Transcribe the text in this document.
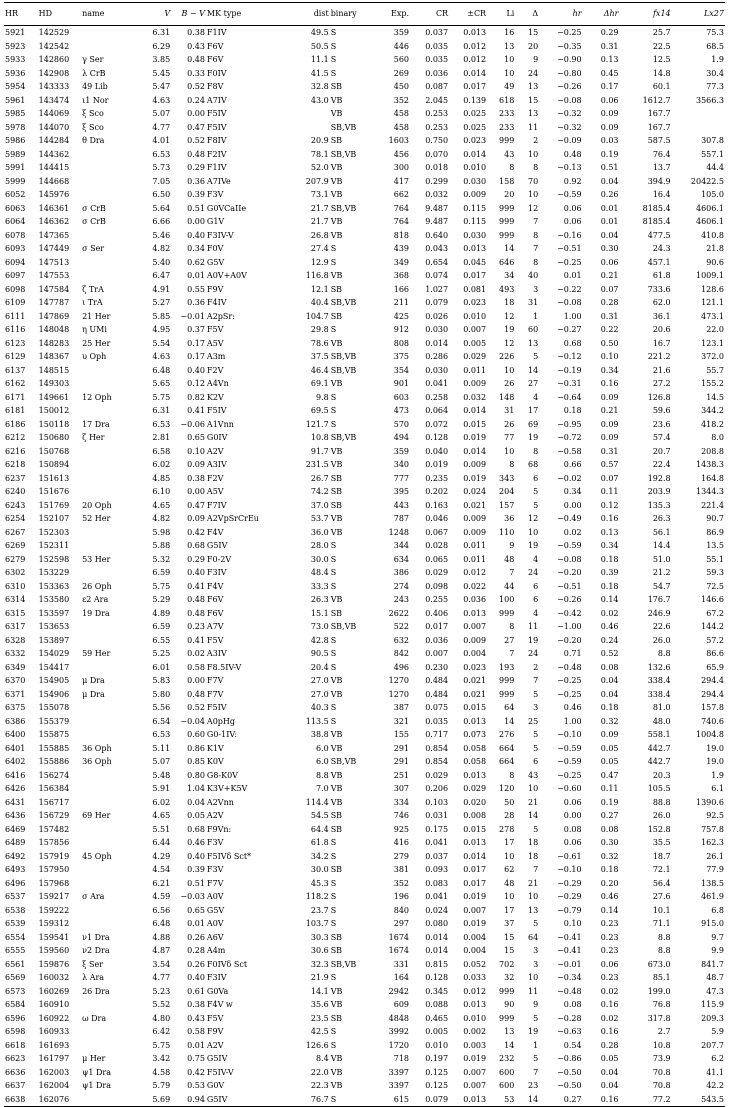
HR	HD	name	V	B − V	MK type	dist	binary	Exp.	CR	±CR	Li	Δ	hr	Δhr	fx14	Lx27
5921	142529		6.31	0.38	F1IV	49.5	S	359	0.037	0.013	16	15	−0.25	0.29	25.7	75.3
5923	142542		6.29	0.43	F6V	50.5	S	446	0.035	0.012	13	20	−0.35	0.31	22.5	68.5
5933	142860	γ Ser	3.85	0.48	F6V	11.1	S	560	0.035	0.012	10	9	−0.90	0.13	12.5	1.9
5936	142908	λ CrB	5.45	0.33	F0IV	41.5	S	269	0.036	0.014	10	24	−0.80	0.45	14.8	30.4
5954	143333	49 Lib	5.47	0.52	F8V	32.8	SB	450	0.087	0.017	49	13	−0.26	0.17	60.1	77.3
5961	143474	ι1 Nor	4.63	0.24	A7IV	43.0	VB	352	2.045	0.139	618	15	−0.08	0.06	1612.7	3566.3
5985	144069	ξ Sco	5.07	0.00	F5IV		VB	458	0.253	0.025	233	13	−0.32	0.09	167.7	
5978	144070	ξ Sco	4.77	0.47	F5IV		SB,VB	458	0.253	0.025	233	11	−0.32	0.09	167.7	
5986	144284	θ Dra	4.01	0.52	F8IV	20.9	SB	1603	0.750	0.023	999	2	−0.09	0.03	587.5	307.8
5989	144362		6.53	0.48	F2IV	78.1	SB,VB	456	0.070	0.014	43	10	0.48	0.19	76.4	557.1
5991	144415		5.73	0.29	F1IV	52.0	VB	300	0.018	0.010	8	8	−0.13	0.51	13.7	44.4
5999	144668		7.05	0.36	A7IVe	207.9	VB	417	0.299	0.030	158	70	0.92	0.04	394.9	20422.5
6052	145976		6.50	0.39	F3V	73.1	VB	662	0.032	0.009	20	10	−0.59	0.26	16.4	105.0
6063	146361	σ CrB	5.64	0.51	G0VCaIIe	21.7	SB,VB	764	9.487	0.115	999	12	0.06	0.01	8185.4	4606.1
6064	146362	σ CrB	6.66	0.00	G1V	21.7	VB	764	9.487	0.115	999	7	0.06	0.01	8185.4	4606.1
6078	147365		5.46	0.40	F3IV-V	26.8	VB	818	0.640	0.030	999	8	−0.16	0.04	477.5	410.8
6093	147449	σ Ser	4.82	0.34	F0V	27.4	S	439	0.043	0.013	14	7	−0.51	0.30	24.3	21.8
6094	147513		5.40	0.62	G5V	12.9	S	349	0.654	0.045	646	8	−0.25	0.06	457.1	90.6
6097	147553		6.47	0.01	A0V+A0V	116.8	VB	368	0.074	0.017	34	40	0.01	0.21	61.8	1009.1
6098	147584	ζ TrA	4.91	0.55	F9V	12.1	SB	166	1.027	0.081	493	3	−0.22	0.07	733.6	128.6
6109	147787	ι TrA	5.27	0.36	F4IV	40.4	SB,VB	211	0.079	0.023	18	31	−0.08	0.28	62.0	121.1
6111	147869	21 Her	5.85	−0.01	A2pSr:	104.7	SB	425	0.026	0.010	12	1	1.00	0.31	36.1	473.1
6116	148048	η UMi	4.95	0.37	F5V	29.8	S	912	0.030	0.007	19	60	−0.27	0.22	20.6	22.0
6123	148283	25 Her	5.54	0.17	A5V	78.6	VB	808	0.014	0.005	12	13	0.68	0.50	16.7	123.1
6129	148367	υ Oph	4.63	0.17	A3m	37.5	SB,VB	375	0.286	0.029	226	5	−0.12	0.10	221.2	372.0
6137	148515		6.48	0.40	F2V	46.4	SB,VB	354	0.030	0.011	10	14	−0.19	0.34	21.6	55.7
6162	149303		5.65	0.12	A4Vn	69.1	VB	901	0.041	0.009	26	27	−0.31	0.16	27.2	155.2
6171	149661	12 Oph	5.75	0.82	K2V	9.8	S	603	0.258	0.032	148	4	−0.64	0.09	126.8	14.5
6181	150012		6.31	0.41	F5IV	69.5	S	473	0.064	0.014	31	17	0.18	0.21	59.6	344.2
6186	150118	17 Dra	6.53	−0.06	A1Vnn	121.7	S	570	0.072	0.015	26	69	−0.95	0.09	23.6	418.2
6212	150680	ζ Her	2.81	0.65	G0IV	10.8	SB,VB	494	0.128	0.019	77	19	−0.72	0.09	57.4	8.0
6216	150768		6.58	0.10	A2V	91.7	VB	359	0.040	0.014	10	8	−0.58	0.31	20.7	208.8
6218	150894		6.02	0.09	A3IV	231.5	VB	340	0.019	0.009	8	68	0.66	0.57	22.4	1438.3
6237	151613		4.85	0.38	F2V	26.7	SB	777	0.235	0.019	343	6	−0.02	0.07	192.8	164.8
6240	151676		6.10	0.00	A5V	74.2	SB	395	0.202	0.024	204	5	0.34	0.11	203.9	1344.3
6243	151769	20 Oph	4.65	0.47	F7IV	37.0	SB	443	0.163	0.021	157	5	0.00	0.12	135.3	221.4
6254	152107	52 Her	4.82	0.09	A2VpSrCrEu	53.7	VB	787	0.046	0.009	36	12	−0.49	0.16	26.3	90.7
6267	152303		5.98	0.42	F4V	36.0	VB	1248	0.067	0.009	110	10	0.02	0.13	56.1	86.9
6269	152311		5.88	0.68	G5IV	28.0	S	344	0.028	0.011	9	19	−0.59	0.34	14.4	13.5
6279	152598	53 Her	5.32	0.29	F0-2V	30.0	S	634	0.065	0.011	48	4	−0.08	0.18	51.0	55.1
6302	153229		6.59	0.40	F3IV	48.4	S	386	0.029	0.012	7	24	−0.20	0.39	21.2	59.3
6310	153363	26 Oph	5.75	0.41	F4V	33.3	S	274	0.098	0.022	44	6	−0.51	0.18	54.7	72.5
6314	153580	ε2 Ara	5.29	0.48	F6V	26.3	VB	243	0.255	0.036	100	6	−0.26	0.14	176.7	146.6
6315	153597	19 Dra	4.89	0.48	F6V	15.1	SB	2622	0.406	0.013	999	4	−0.42	0.02	246.9	67.2
6317	153653		6.59	0.23	A7V	73.0	SB,VB	522	0.017	0.007	8	11	−1.00	0.46	22.6	144.2
6328	153897		6.55	0.41	F5V	42.8	S	632	0.036	0.009	27	19	−0.20	0.24	26.0	57.2
6332	154029	59 Her	5.25	0.02	A3IV	90.5	S	842	0.007	0.004	7	24	0.71	0.52	8.8	86.6
6349	154417		6.01	0.58	F8.5IV-V	20.4	S	496	0.230	0.023	193	2	−0.48	0.08	132.6	65.9
6370	154905	μ Dra	5.83	0.00	F7V	27.0	VB	1270	0.484	0.021	999	7	−0.25	0.04	338.4	294.4
6371	154906	μ Dra	5.80	0.48	F7V	27.0	VB	1270	0.484	0.021	999	5	−0.25	0.04	338.4	294.4
6375	155078		5.56	0.52	F5IV	40.3	S	387	0.075	0.015	64	3	0.46	0.18	81.0	157.8
6386	155379		6.54	−0.04	A0pHg	113.5	S	321	0.035	0.013	14	25	1.00	0.32	48.0	740.6
6400	155875		6.53	0.60	G0-1IV:	38.8	VB	155	0.717	0.073	276	5	−0.10	0.09	558.1	1004.8
6401	155885	36 Oph	5.11	0.86	K1V	6.0	VB	291	0.854	0.058	664	5	−0.59	0.05	442.7	19.0
6402	155886	36 Oph	5.07	0.85	K0V	6.0	SB,VB	291	0.854	0.058	664	6	−0.59	0.05	442.7	19.0
6416	156274		5.48	0.80	G8-K0V	8.8	VB	251	0.029	0.013	8	43	−0.25	0.47	20.3	1.9
6426	156384		5.91	1.04	K3V+K5V	7.0	VB	307	0.206	0.029	120	10	−0.60	0.11	105.5	6.1
6431	156717		6.02	0.04	A2Vnn	114.4	VB	334	0.103	0.020	50	21	0.06	0.19	88.8	1390.6
6436	156729	69 Her	4.65	0.05	A2V	54.5	SB	746	0.031	0.008	28	14	0.00	0.27	26.0	92.5
6469	157482		5.51	0.68	F9Vn:	64.4	SB	925	0.175	0.015	278	5	0.08	0.08	152.8	757.8
6489	157856		6.44	0.46	F3V	61.8	S	416	0.041	0.013	17	18	0.06	0.30	35.5	162.3
6492	157919	45 Oph	4.29	0.40	F5IVδ Sct*	34.2	S	279	0.037	0.014	10	18	−0.61	0.32	18.7	26.1
6493	157950		4.54	0.39	F3V	30.0	SB	381	0.093	0.017	62	7	−0.10	0.18	72.1	77.9
6496	157968		6.21	0.51	F7V	45.3	S	352	0.083	0.017	48	21	−0.29	0.20	56.4	138.5
6537	159217	σ Ara	4.59	−0.03	A0V	118.2	S	196	0.041	0.019	10	10	−0.29	0.46	27.6	461.9
6538	159222		6.56	0.65	G5V	23.7	S	840	0.024	0.007	17	13	−0.79	0.14	10.1	6.8
6539	159312		6.48	0.01	A0V	103.7	S	297	0.080	0.019	37	5	0.10	0.23	71.1	915.0
6554	159541	ν1 Dra	4.88	0.26	A6V	30.3	SB	1674	0.014	0.004	15	64	−0.41	0.23	8.8	9.7
6555	159560	ν2 Dra	4.87	0.28	A4m	30.6	SB	1674	0.014	0.004	15	3	−0.41	0.23	8.8	9.9
6561	159876	ξ Ser	3.54	0.26	F0IVδ Sct	32.3	SB,VB	331	0.815	0.052	702	3	−0.01	0.06	673.0	841.7
6569	160032	λ Ara	4.77	0.40	F3IV	21.9	S	164	0.128	0.033	32	10	−0.34	0.23	85.1	48.7
6573	160269	26 Dra	5.23	0.61	G0Va	14.1	VB	2942	0.345	0.012	999	11	−0.48	0.02	199.0	47.3
6584	160910		5.52	0.38	F4V w	35.6	VB	609	0.088	0.013	90	9	0.08	0.16	76.8	115.9
6596	160922	ω Dra	4.80	0.43	F5V	23.5	SB	4848	0.465	0.010	999	5	−0.28	0.02	317.8	209.3
6598	160933		6.42	0.58	F9V	42.5	S	3992	0.005	0.002	13	19	−0.63	0.16	2.7	5.9
6618	161693		5.75	0.01	A2V	126.6	S	1720	0.010	0.003	14	1	0.54	0.28	10.8	207.7
6623	161797	μ Her	3.42	0.75	G5IV	8.4	VB	718	0.197	0.019	232	5	−0.86	0.05	73.9	6.2
6636	162003	ψ1 Dra	4.58	0.42	F5IV-V	22.0	VB	3397	0.125	0.007	600	7	−0.50	0.04	70.8	41.1
6637	162004	ψ1 Dra	5.79	0.53	G0V	22.3	VB	3397	0.125	0.007	600	23	−0.50	0.04	70.8	42.2
6638	162076		5.69	0.94	G5IV	76.7	S	615	0.079	0.013	53	14	0.27	0.16	77.2	543.5
